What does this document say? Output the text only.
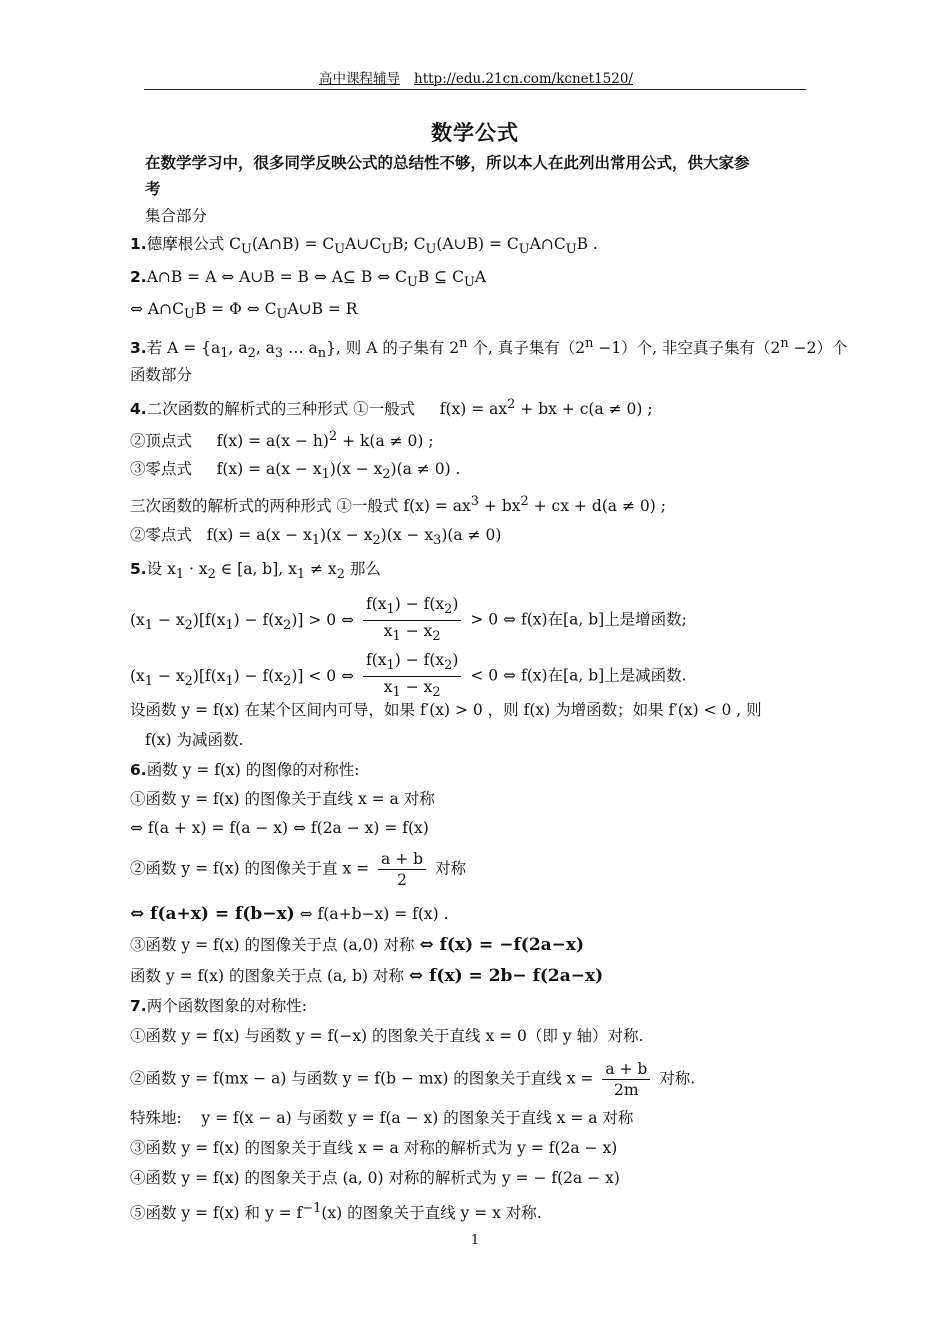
高中课程辅导 http://edu.21cn.com/kcnet1520/
数学公式
在数学学习中，很多同学反映公式的总结性不够，所以本人在此列出常用公式，供大家参
考
集合部分
1.德摩根公式 $C_U(A\cap B)$ = $C_UA\cup C_UB$; $C_U(A\cup B)$ = $C_UA\cap C_UB$ .
2.A∩B = A ⇔ A∪B = B ⇔ A⊆ B ⇔ $C_UB$ ⊆ $C_UA$
⇔ $A\cap C_UB = \Phi$ ⇔ $C_UA\cup B = R$
3.若 $A = \{a_1$, $a_2$, $a_3$ … $a_n$}, 则 A 的子集有 2$^n$ 个, 真子集有$(2^n -1)$个, 非空真子集有$(2^n -2)$个
函数部分
4.二次函数的解析式的三种形式 ①一般式     $f(x) = ax^2$ + bx + c(a ≠ 0) ;
②顶点式     $f(x) = a(x - h)^2 + k(a \ne 0)$ ;
③零点式     $f(x) = a(x - x_1)(x - x_2)(a \ne 0)$ .
三次函数的解析式的两种形式 ①一般式 $f(x) = ax^3 + bx^2$ + cx + d(a ≠ 0) ;
②零点式   $f(x) = a(x - x_1)(x - x_2)(x - x_3)(a \ne 0)$
5.设 $x_1 \cdot x_2$ ∈ [a, b], $x_1 \ne x_2$ 那么
$(x_1 - x_2)[f(x_1) - f(x_2)] > 0$ ⇔ $\frac{f(x_1) - f(x_2)}{x_1 - x_2} > 0$ ⇔ f(x)在[a, b]上是增函数;
$(x_1 - x_2)[f(x_1) - f(x_2)] < 0$ ⇔ $\frac{f(x_1) - f(x_2)}{x_1 - x_2} < 0$ ⇔ f(x)在[a, b]上是减函数.
设函数 y = f(x) 在某个区间内可导，如果 f′(x) > 0 ，则 f(x) 为增函数；如果 f′(x) < 0 , 则
f(x) 为减函数.
6.函数 y = f(x) 的图像的对称性:
①函数 y = f(x) 的图像关于直线 x = a 对称
⇔ f(a + x) = f(a − x) ⇔ f(2a − x) = f(x)
②函数 y = f(x) 的图像关于直 $x = \frac{a + b}{2}$ 对称
⇔ f(a+x) = f(b−x) ⇔ f(a+b−x) = f(x) .
③函数 y = f(x) 的图像关于点 (a,0) 对称 ⇔ f(x) = −f(2a−x)
函数 y = f(x) 的图象关于点 (a, b) 对称 ⇔ f(x) = 2b− f(2a−x)
7.两个函数图象的对称性:
①函数 y = f(x) 与函数 y = f(−x) 的图象关于直线 x = 0（即 y 轴）对称.
②函数 y = f(mx − a) 与函数 y = f(b − mx) 的图象关于直线 $x = \frac{a + b}{2m}$ 对称.
特殊地:    y = f(x − a) 与函数 y = f(a − x) 的图象关于直线 x = a 对称
③函数 y = f(x) 的图象关于直线 x = a 对称的解析式为 y = f(2a − x)
④函数 y = f(x) 的图象关于点 (a, 0) 对称的解析式为 y = − f(2a − x)
⑤函数 y = f(x) 和 $y = f^{-1}(x)$ 的图象关于直线 y = x 对称.
1
